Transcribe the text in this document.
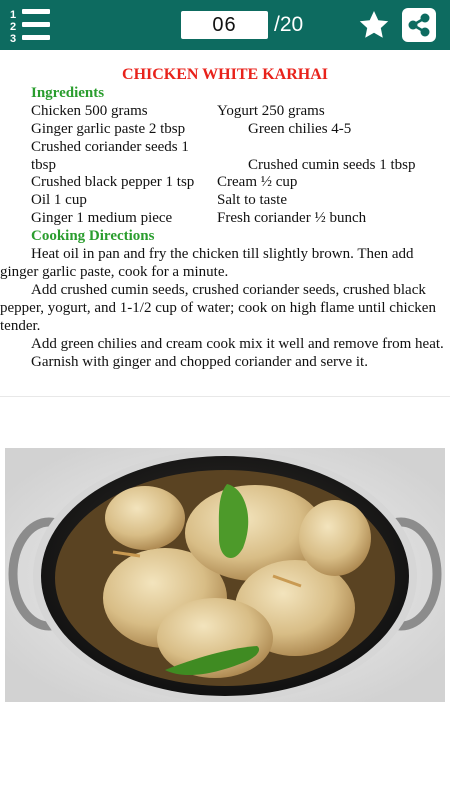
1
2
3
06	/20
CHICKEN WHITE KARHAI
Ingredients
Chicken 500 grams	Yogurt 250 grams
Ginger garlic paste 2 tbsp	Green chilies 4-5
Crushed coriander seeds 1 tbsp	Crushed cumin seeds 1 tbsp
Crushed black pepper 1 tsp	Cream ½ cup
Oil 1 cup	Salt to taste
Ginger 1 medium piece	Fresh coriander ½ bunch
Cooking Directions

Heat oil in pan and fry the chicken till slightly brown. Then add ginger garlic paste, cook for a minute.

Add crushed cumin seeds, crushed coriander seeds, crushed black pepper, yogurt, and 1-1/2 cup of water; cook on high flame until chicken tender.

Add green chilies and cream cook mix it well and remove from heat.

Garnish with ginger and chopped coriander and serve it.
